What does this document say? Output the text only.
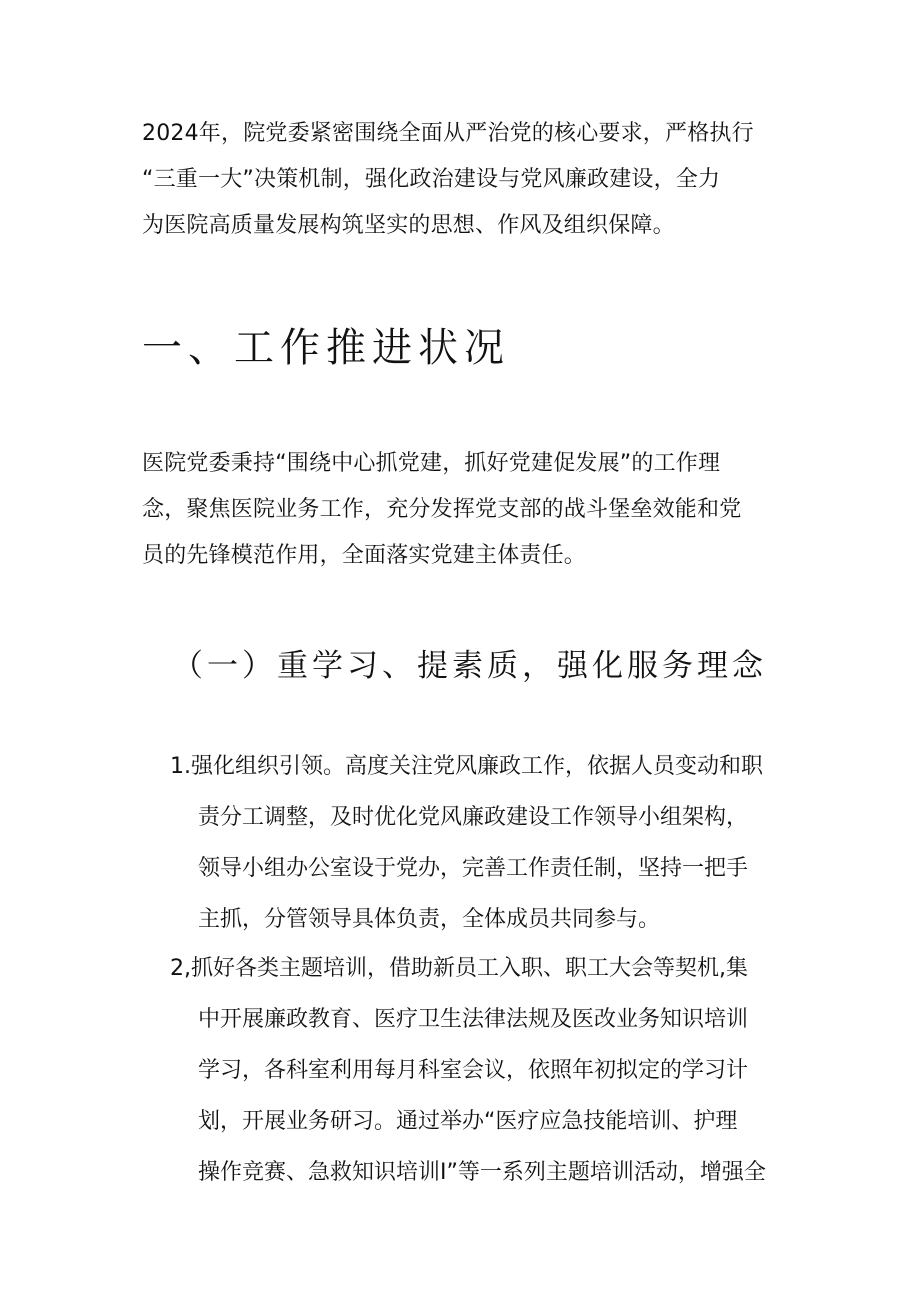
2024年，院党委紧密围绕全面从严治党的核心要求，严格执行
“三重一大”决策机制，强化政治建设与党风廉政建设，全力
为医院高质量发展构筑坚实的思想、作风及组织保障。
一、工作推进状况
医院党委秉持“围绕中心抓党建，抓好党建促发展”的工作理
念，聚焦医院业务工作，充分发挥党支部的战斗堡垒效能和党
员的先锋模范作用，全面落实党建主体责任。
（一）重学习、提素质，强化服务理念
1.强化组织引领。高度关注党风廉政工作，依据人员变动和职
责分工调整，及时优化党风廉政建设工作领导小组架构，
领导小组办公室设于党办，完善工作责任制，坚持一把手
主抓，分管领导具体负责，全体成员共同参与。
2,抓好各类主题培训，借助新员工入职、职工大会等契机,集
中开展廉政教育、医疗卫生法律法规及医改业务知识培训
学习，各科室利用每月科室会议，依照年初拟定的学习计
划，开展业务研习。通过举办“医疗应急技能培训、护理
操作竞赛、急救知识培训I”等一系列主题培训活动，增强全
